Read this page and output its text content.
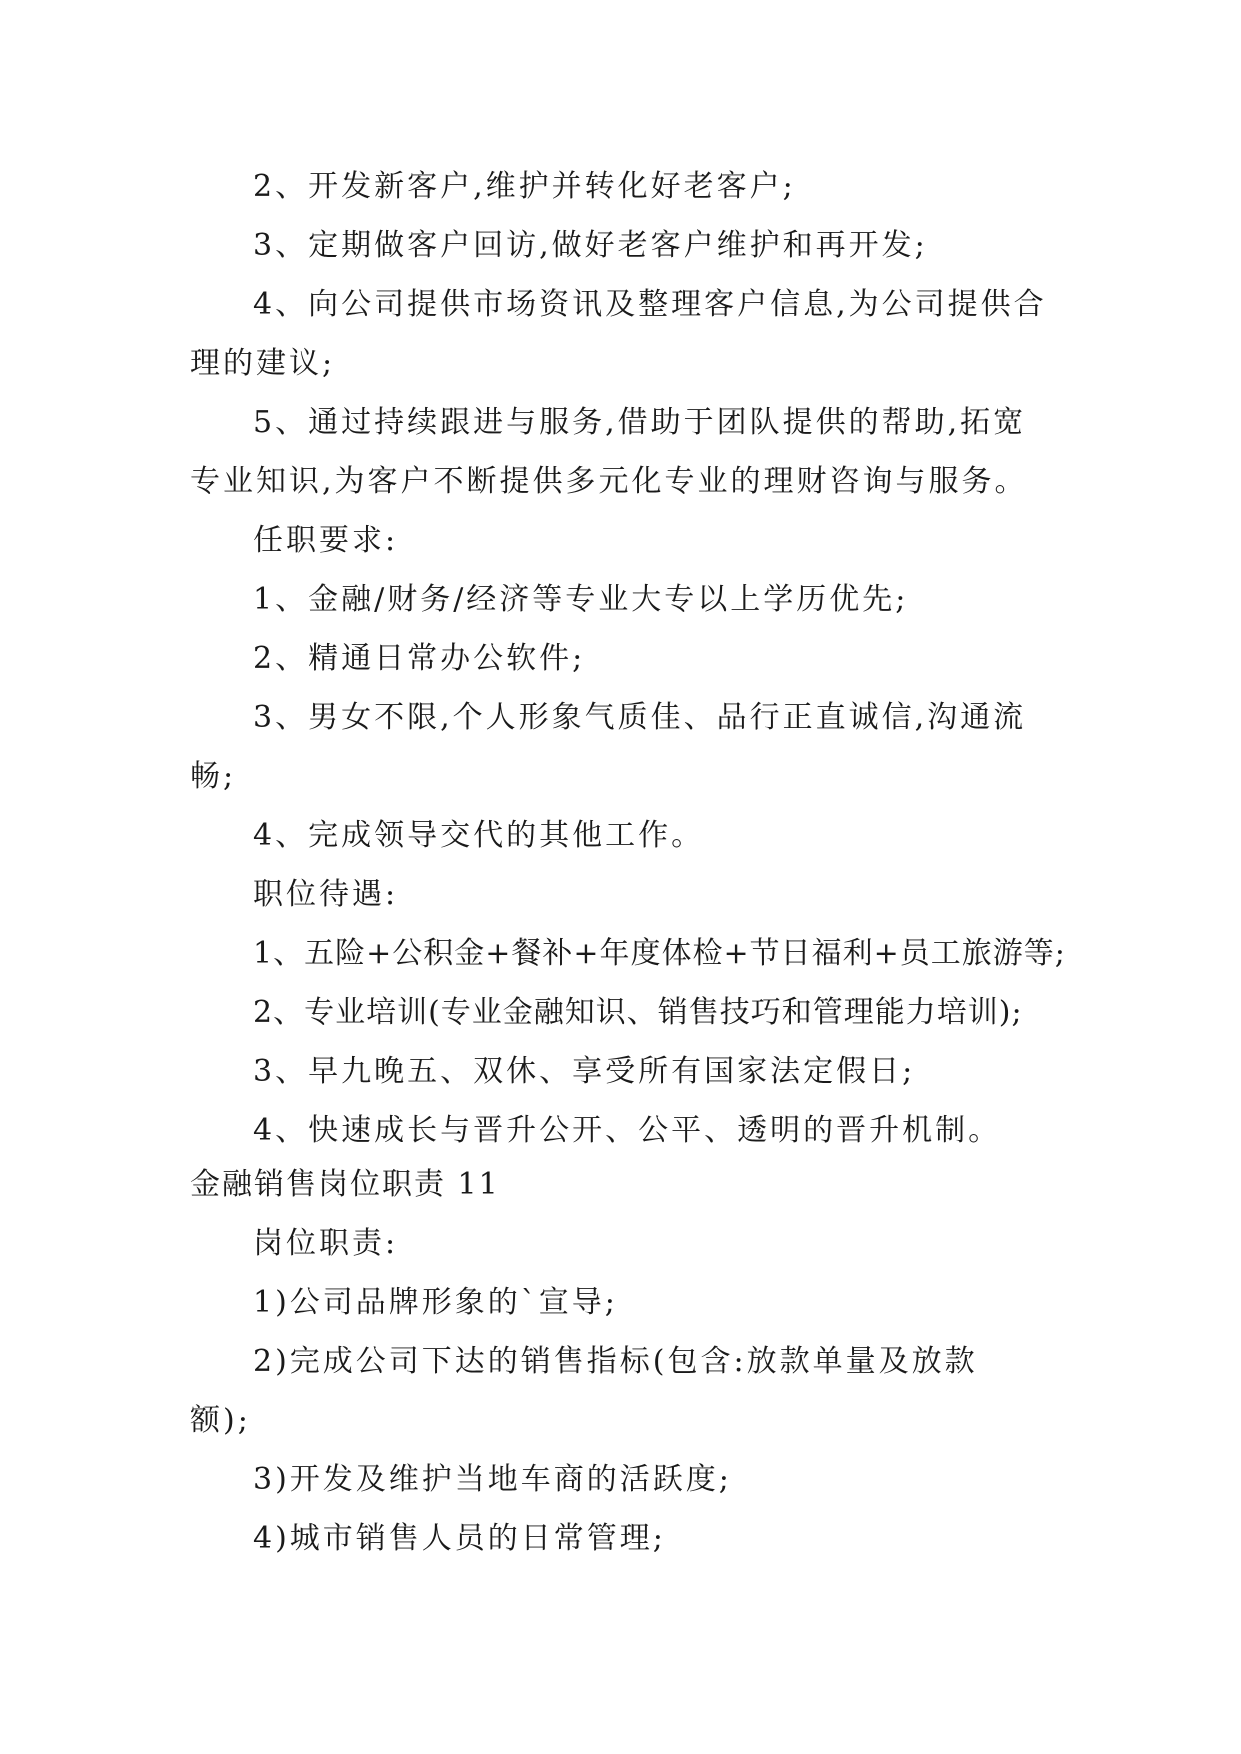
2、开发新客户,维护并转化好老客户;
3、定期做客户回访,做好老客户维护和再开发;
4、向公司提供市场资讯及整理客户信息,为公司提供合
理的建议;
5、通过持续跟进与服务,借助于团队提供的帮助,拓宽
专业知识,为客户不断提供多元化专业的理财咨询与服务。
任职要求:
1、金融/财务/经济等专业大专以上学历优先;
2、精通日常办公软件;
3、男女不限,个人形象气质佳、品行正直诚信,沟通流
畅;
4、完成领导交代的其他工作。
职位待遇:
1、五险+公积金+餐补+年度体检+节日福利+员工旅游等;
2、专业培训(专业金融知识、销售技巧和管理能力培训);
3、早九晚五、双休、享受所有国家法定假日;
4、快速成长与晋升公开、公平、透明的晋升机制。
金融销售岗位职责 11
岗位职责:
1)公司品牌形象的`宣导;
2)完成公司下达的销售指标(包含:放款单量及放款
额);
3)开发及维护当地车商的活跃度;
4)城市销售人员的日常管理;
